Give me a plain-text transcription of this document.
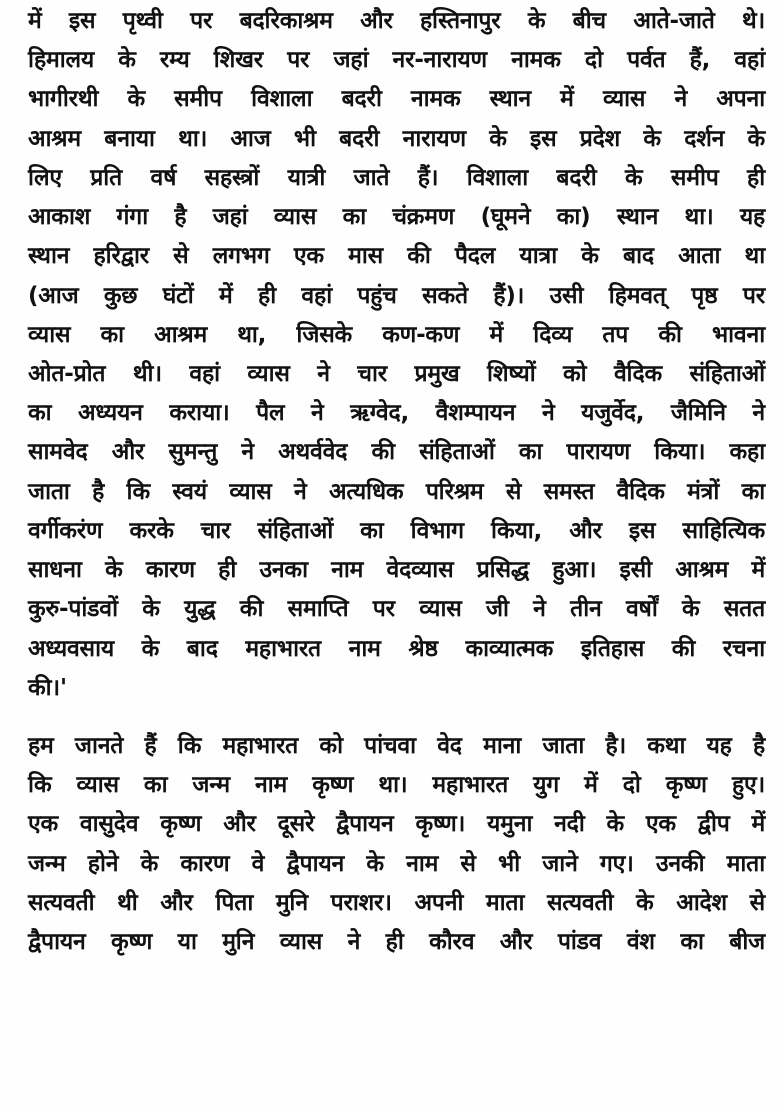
में इस पृथ्वी पर बदरिकाश्रम और हस्तिनापुर के बीच आते-जाते थे।
हिमालय के रम्य शिखर पर जहां नर-नारायण नामक दो पर्वत हैं, वहां
भागीरथी के समीप विशाला बदरी नामक स्थान में व्यास ने अपना
आश्रम बनाया था। आज भी बदरी नारायण के इस प्रदेश के दर्शन के
लिए प्रति वर्ष सहस्त्रों यात्री जाते हैं। विशाला बदरी के समीप ही
आकाश गंगा है जहां व्यास का चंक्रमण (घूमने का) स्थान था। यह
स्थान हरिद्वार से लगभग एक मास की पैदल यात्रा के बाद आता था
(आज कुछ घंटों में ही वहां पहुंच सकते हैं)। उसी हिमवत् पृष्ठ पर
व्यास का आश्रम था, जिसके कण-कण में दिव्य तप की भावना
ओत-प्रोत थी। वहां व्यास ने चार प्रमुख शिष्यों को वैदिक संहिताओं
का अध्ययन कराया। पैल ने ऋग्वेद, वैशम्पायन ने यजुर्वेद, जैमिनि ने
सामवेद और सुमन्तु ने अथर्ववेद की संहिताओं का पारायण किया। कहा
जाता है कि स्वयं व्यास ने अत्यधिक परिश्रम से समस्त वैदिक मंत्रों का
वर्गीकरंण करके चार संहिताओं का विभाग किया, और इस साहित्यिक
साधना के कारण ही उनका नाम वेदव्यास प्रसिद्ध हुआ। इसी आश्रम में
कुरु-पांडवों के युद्ध की समाप्ति पर व्यास जी ने तीन वर्षों के सतत
अध्यवसाय के बाद महाभारत नाम श्रेष्ठ काव्यात्मक इतिहास की रचना
की।'
हम जानते हैं कि महाभारत को पांचवा वेद माना जाता है। कथा यह है
कि व्यास का जन्म नाम कृष्ण था। महाभारत युग में दो कृष्ण हुए।
एक वासुदेव कृष्ण और दूसरे द्वैपायन कृष्ण। यमुना नदी के एक द्वीप में
जन्म होने के कारण वे द्वैपायन के नाम से भी जाने गए। उनकी माता
सत्यवती थी और पिता मुनि पराशर। अपनी माता सत्यवती के आदेश से
द्वैपायन कृष्ण या मुनि व्यास ने ही कौरव और पांडव वंश का बीज
